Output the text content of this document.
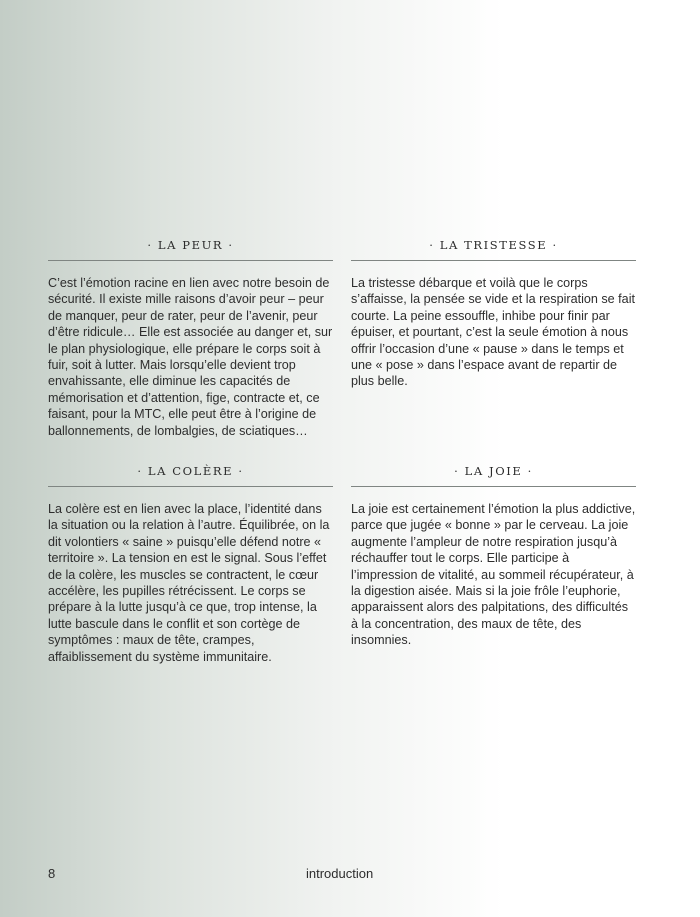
· LA PEUR ·

C’est l’émotion racine en lien avec notre besoin de sécurité. Il existe mille raisons d’avoir peur – peur de manquer, peur de rater, peur de l’avenir, peur d’être ridicule… Elle est associée au danger et, sur le plan physiologique, elle prépare le corps soit à fuir, soit à lutter. Mais lorsqu’elle devient trop envahissante, elle diminue les capacités de mémorisation et d’attention, fige, contracte et, ce faisant, pour la MTC, elle peut être à l’origine de ballonnements, de lombalgies, de sciatiques…

· LA TRISTESSE ·

La tristesse débarque et voilà que le corps s’affaisse, la pensée se vide et la respiration se fait courte. La peine essouffle, inhibe pour finir par épuiser, et pourtant, c’est la seule émotion à nous offrir l’occasion d’une « pause » dans le temps et une « pose » dans l’espace avant de repartir de plus belle.

· LA COLÈRE ·

La colère est en lien avec la place, l’identité dans la situation ou la relation à l’autre. Équilibrée, on la dit volontiers « saine » puisqu’elle défend notre « territoire ». La tension en est le signal. Sous l’effet de la colère, les muscles se contractent, le cœur accélère, les pupilles rétrécissent. Le corps se prépare à la lutte jusqu’à ce que, trop intense, la lutte bascule dans le conflit et son cortège de symptômes : maux de tête, crampes, affaiblissement du système immunitaire.

· LA JOIE ·

La joie est certainement l’émotion la plus addictive, parce que jugée « bonne » par le cerveau. La joie augmente l’ampleur de notre respiration jusqu’à réchauffer tout le corps. Elle participe à l’impression de vitalité, au sommeil récupérateur, à la digestion aisée. Mais si la joie frôle l’euphorie, apparaissent alors des palpitations, des difficultés à la concentration, des maux de tête, des insomnies.

8	introduction
